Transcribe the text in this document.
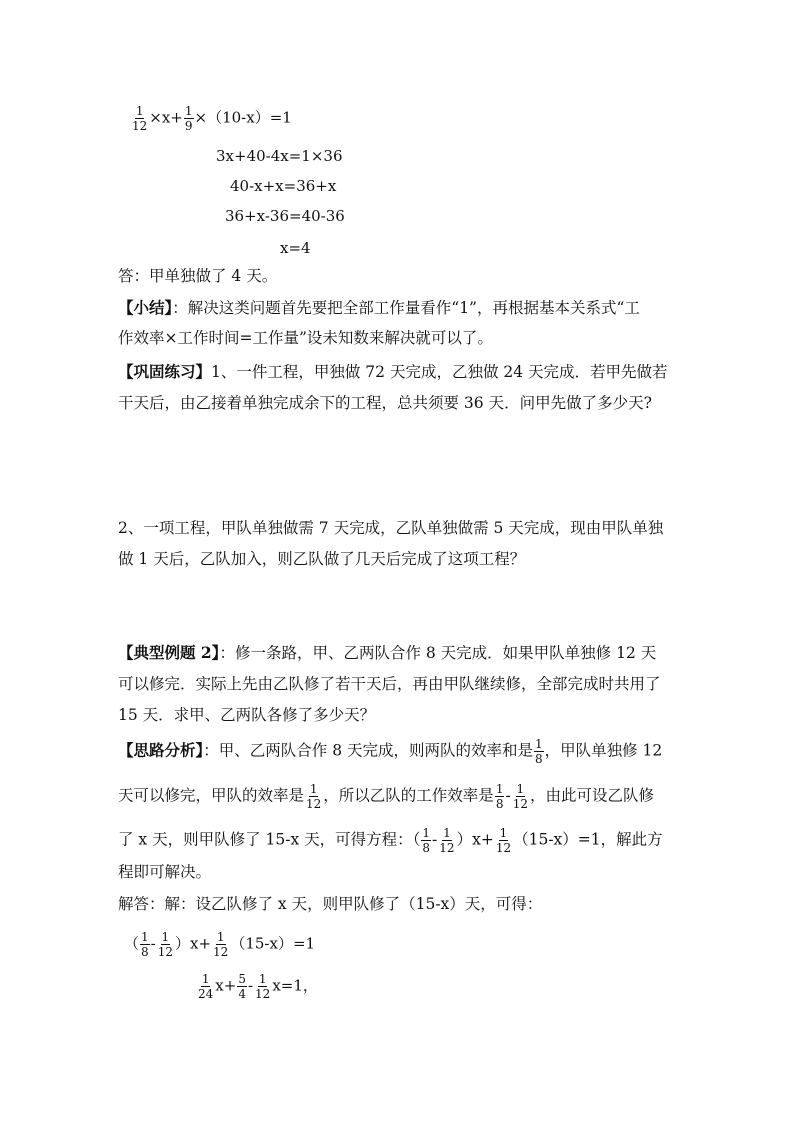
$\frac{1}{12} \times x+ \frac{1}{9} \times(10-x)=1$
3x+40-4x=1×36
40-x+x=36+x
36+x-36=40-36
x=4
答：甲单独做了 4 天。
【小结】：解决这类问题首先要把全部工作量看作“1”，再根据基本关系式“工
作效率×工作时间=工作量”设未知数来解决就可以了。
【巩固练习】1、一件工程，甲独做 72 天完成，乙独做 24 天完成．若甲先做若
干天后，由乙接着单独完成余下的工程，总共须要 36 天．问甲先做了多少天?
2、一项工程，甲队单独做需 7 天完成，乙队单独做需 5 天完成，现由甲队单独
做 1 天后，乙队加入，则乙队做了几天后完成了这项工程？
【典型例题 2】：修一条路，甲、乙两队合作 8 天完成．如果甲队单独修 12 天
可以修完．实际上先由乙队修了若干天后，再由甲队继续修，全部完成时共用了
15 天．求甲、乙两队各修了多少天？
【思路分析】：甲、乙两队合作 8 天完成，则两队的效率和是 $\frac{1}{8}$ ，甲队单独修 12
天可以修完，甲队的效率是 $\frac{1}{12}$ ，所以乙队的工作效率是 $\frac{1}{8} - \frac{1}{12}$ ，由此可设乙队修
了 x 天，则甲队修了 15-x 天，可得方程：（ $\frac{1}{8} - \frac{1}{12} )x+ \frac{1}{12} (15-x)=1$，解此方
程即可解决。
解答：解：设乙队修了 x 天，则甲队修了（15-x）天，可得：
（ $\frac{1}{8} - \frac{1}{12} )x+ \frac{1}{12} (15-x)=1$
$\frac{1}{24} x+ \frac{5}{4} - \frac{1}{12} x=1$，
